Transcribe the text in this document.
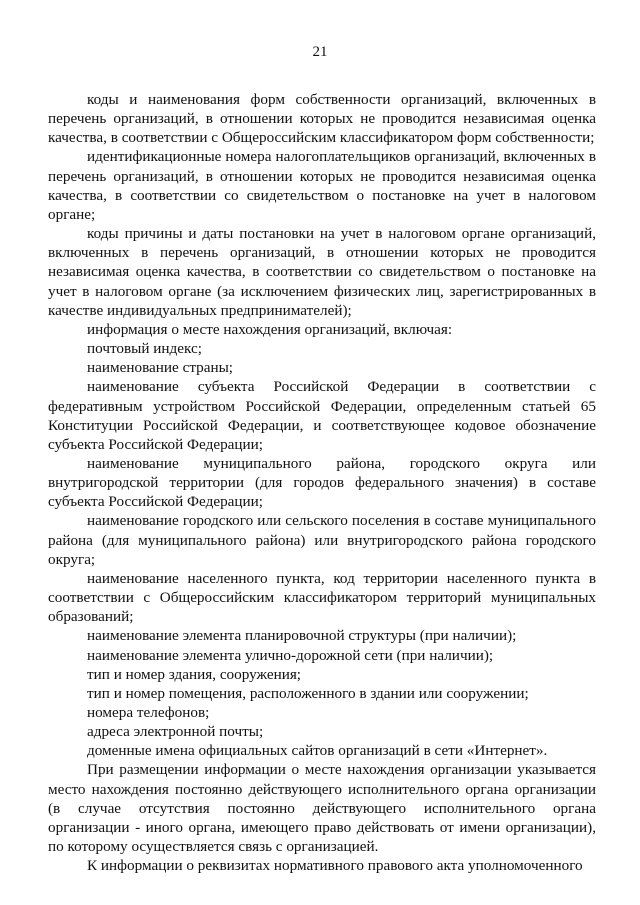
21

коды и наименования форм собственности организаций, включенных в перечень организаций, в отношении которых не проводится независимая оценка качества, в соответствии с Общероссийским классификатором форм собственности;

идентификационные номера налогоплательщиков организаций, включенных в перечень организаций, в отношении которых не проводится независимая оценка качества, в соответствии со свидетельством о постановке на учет в налоговом органе;

коды причины и даты постановки на учет в налоговом органе организаций, включенных в перечень организаций, в отношении которых не проводится независимая оценка качества, в соответствии со свидетельством о постановке на учет в налоговом органе (за исключением физических лиц, зарегистрированных в качестве индивидуальных предпринимателей);

информация о месте нахождения организаций, включая:

почтовый индекс;

наименование страны;

наименование субъекта Российской Федерации в соответствии с федеративным устройством Российской Федерации, определенным статьей 65 Конституции Российской Федерации, и соответствующее кодовое обозначение субъекта Российской Федерации;

наименование муниципального района, городского округа или внутригородской территории (для городов федерального значения) в составе субъекта Российской Федерации;

наименование городского или сельского поселения в составе муниципального района (для муниципального района) или внутригородского района городского округа;

наименование населенного пункта, код территории населенного пункта в соответствии с Общероссийским классификатором территорий муниципальных образований;

наименование элемента планировочной структуры (при наличии);

наименование элемента улично-дорожной сети (при наличии);

тип и номер здания, сооружения;

тип и номер помещения, расположенного в здании или сооружении;

номера телефонов;

адреса электронной почты;

доменные имена официальных сайтов организаций в сети «Интернет».

При размещении информации о месте нахождения организации указывается место нахождения постоянно действующего исполнительного органа организации (в случае отсутствия постоянно действующего исполнительного органа организации - иного органа, имеющего право действовать от имени организации), по которому осуществляется связь с организацией.

К информации о реквизитах нормативного правового акта уполномоченного
